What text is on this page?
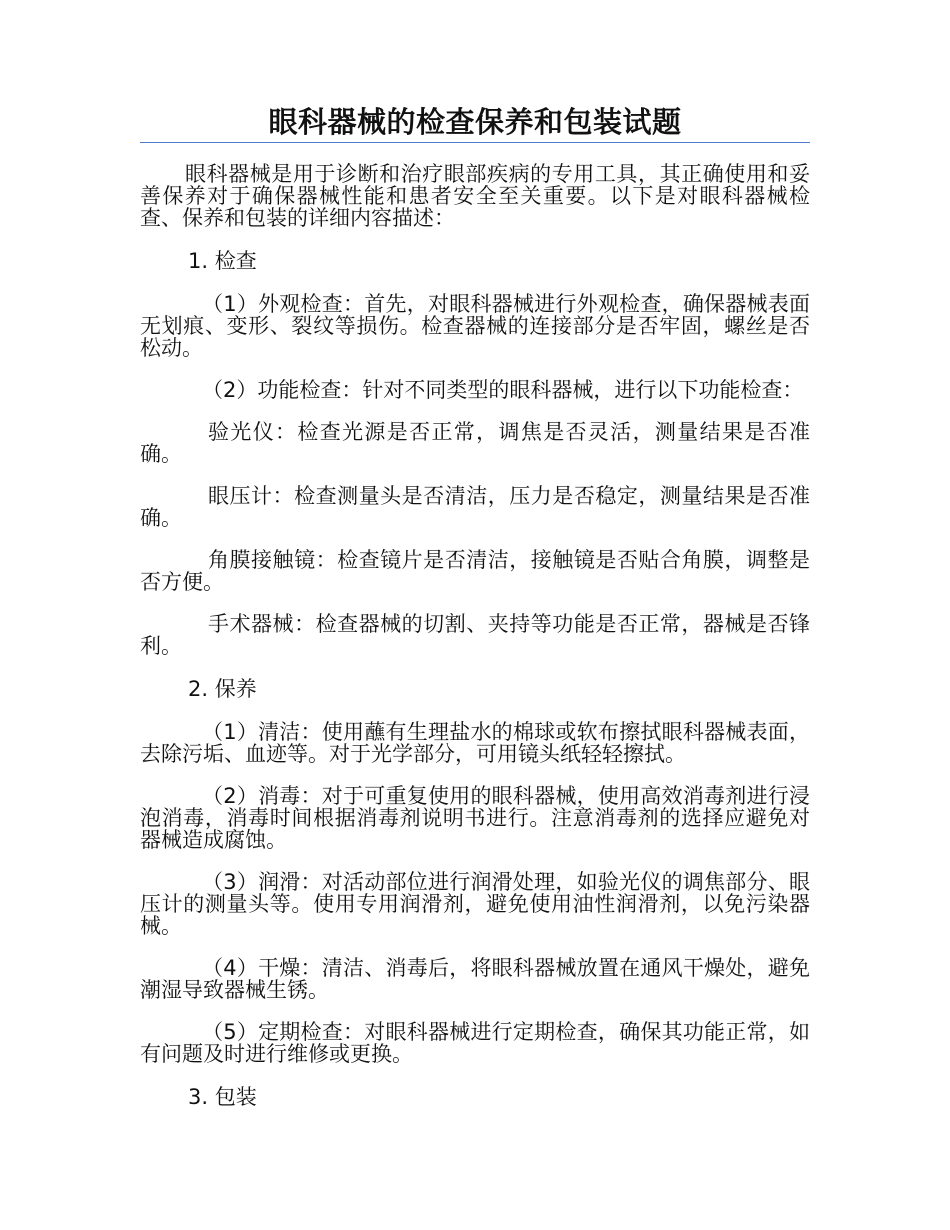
眼科器械的检查保养和包装试题

眼科器械是用于诊断和治疗眼部疾病的专用工具，其正确使用和妥善保养对于确保器械性能和患者安全至关重要。以下是对眼科器械检查、保养和包装的详细内容描述：

1. 检查

（1）外观检查：首先，对眼科器械进行外观检查，确保器械表面无划痕、变形、裂纹等损伤。检查器械的连接部分是否牢固，螺丝是否松动。

（2）功能检查：针对不同类型的眼科器械，进行以下功能检查：

验光仪：检查光源是否正常，调焦是否灵活，测量结果是否准确。

眼压计：检查测量头是否清洁，压力是否稳定，测量结果是否准确。

角膜接触镜：检查镜片是否清洁，接触镜是否贴合角膜，调整是否方便。

手术器械：检查器械的切割、夹持等功能是否正常，器械是否锋利。

2. 保养

（1）清洁：使用蘸有生理盐水的棉球或软布擦拭眼科器械表面，去除污垢、血迹等。对于光学部分，可用镜头纸轻轻擦拭。

（2）消毒：对于可重复使用的眼科器械，使用高效消毒剂进行浸泡消毒，消毒时间根据消毒剂说明书进行。注意消毒剂的选择应避免对器械造成腐蚀。

（3）润滑：对活动部位进行润滑处理，如验光仪的调焦部分、眼压计的测量头等。使用专用润滑剂，避免使用油性润滑剂，以免污染器械。

（4）干燥：清洁、消毒后，将眼科器械放置在通风干燥处，避免潮湿导致器械生锈。

（5）定期检查：对眼科器械进行定期检查，确保其功能正常，如有问题及时进行维修或更换。

3. 包装
